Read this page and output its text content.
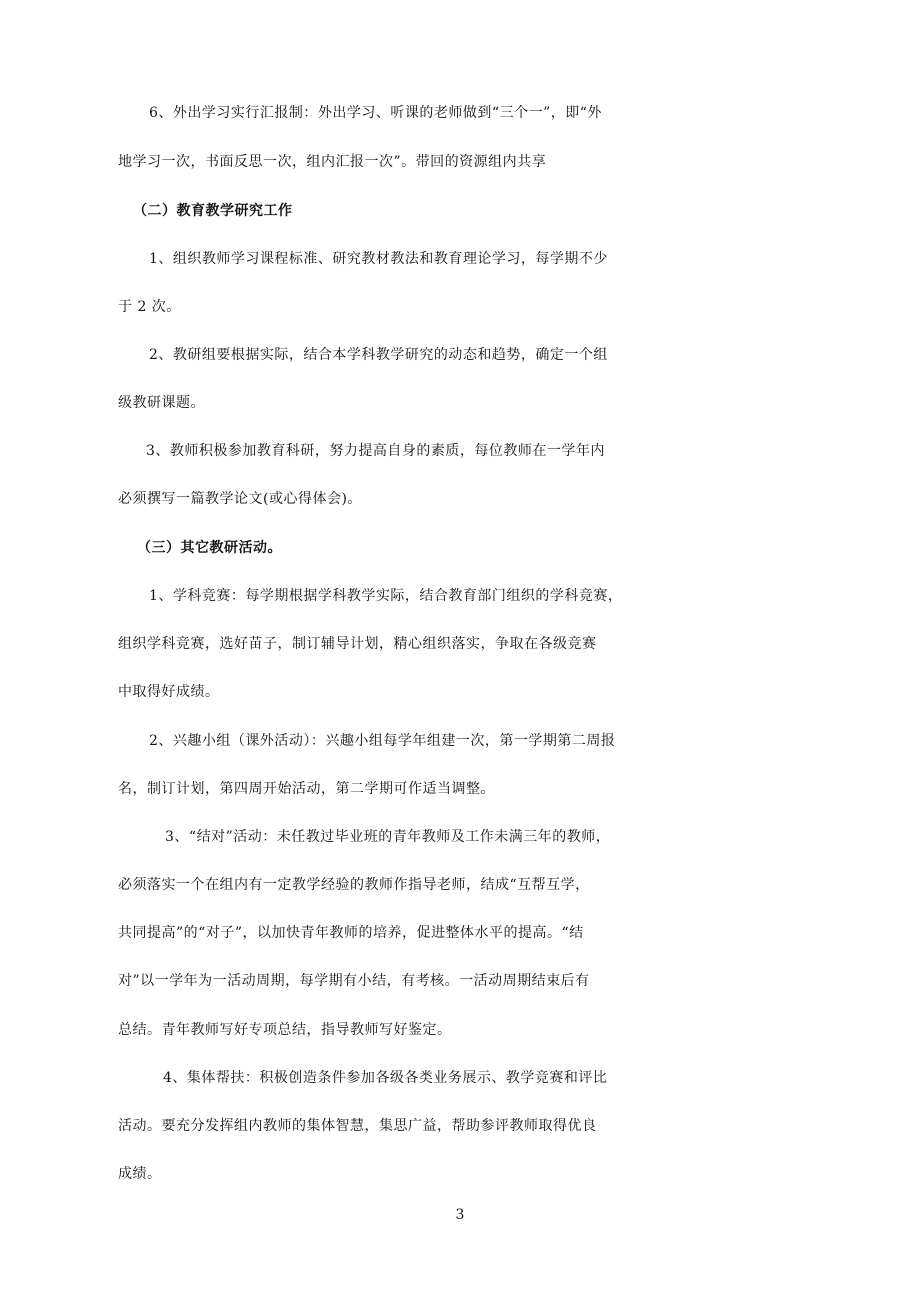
6、外出学习实行汇报制：外出学习、听课的老师做到“三个一”，即“外
地学习一次，书面反思一次，组内汇报一次”。带回的资源组内共享
（二）教育教学研究工作
1、组织教师学习课程标准、研究教材教法和教育理论学习，每学期不少
于 2 次。
2、教研组要根据实际，结合本学科教学研究的动态和趋势，确定一个组
级教研课题。
3、教师积极参加教育科研，努力提高自身的素质，每位教师在一学年内
必须撰写一篇教学论文(或心得体会)。
（三）其它教研活动。
1、学科竞赛：每学期根据学科教学实际，结合教育部门组织的学科竞赛，
组织学科竞赛，选好苗子，制订辅导计划，精心组织落实，争取在各级竞赛
中取得好成绩。
2、兴趣小组（课外活动）：兴趣小组每学年组建一次，第一学期第二周报
名，制订计划，第四周开始活动，第二学期可作适当调整。
3、“结对”活动：未任教过毕业班的青年教师及工作未满三年的教师，
必须落实一个在组内有一定教学经验的教师作指导老师，结成“互帮互学，
共同提高”的“对子”，以加快青年教师的培养，促进整体水平的提高。“结
对”以一学年为一活动周期，每学期有小结，有考核。一活动周期结束后有
总结。青年教师写好专项总结，指导教师写好鉴定。
4、集体帮扶：积极创造条件参加各级各类业务展示、教学竞赛和评比
活动。要充分发挥组内教师的集体智慧，集思广益，帮助参评教师取得优良
成绩。
3
